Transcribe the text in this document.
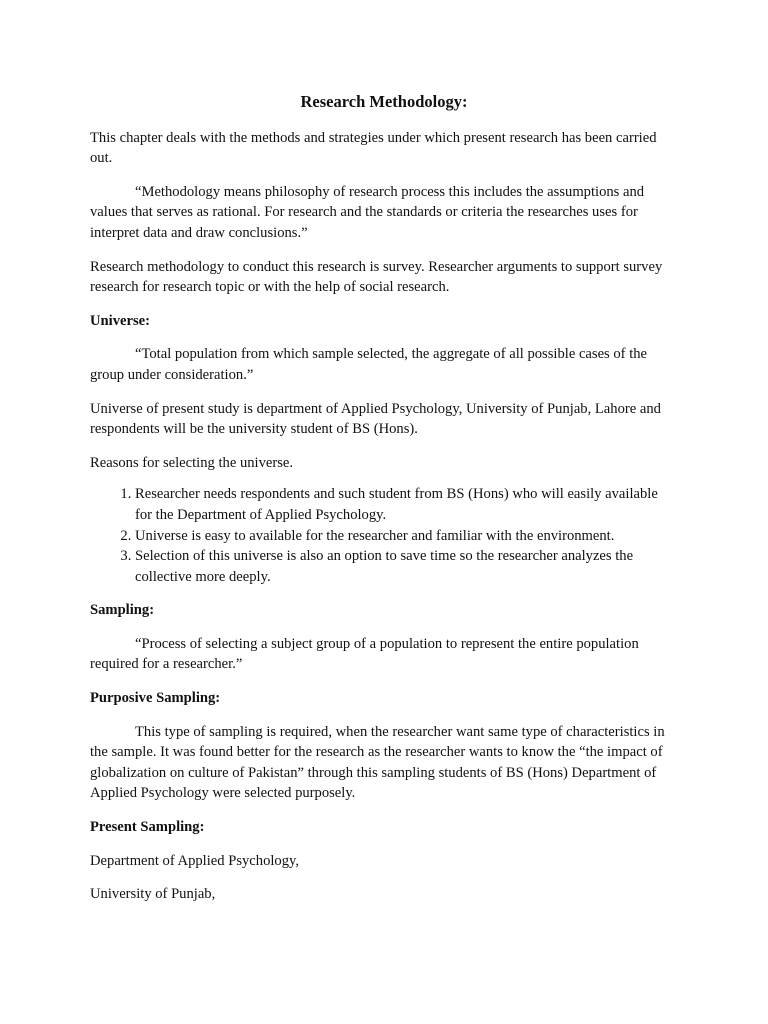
Research Methodology:

This chapter deals with the methods and strategies under which present research has been carried out.

“Methodology means philosophy of research process this includes the assumptions and values that serves as rational. For research and the standards or criteria the researches uses for interpret data and draw conclusions.”

Research methodology to conduct this research is survey. Researcher arguments to support survey research for research topic or with the help of social research.

Universe:

“Total population from which sample selected, the aggregate of all possible cases of the group under consideration.”

Universe of present study is department of Applied Psychology, University of Punjab, Lahore and respondents will be the university student of BS (Hons).

Reasons for selecting the universe.

1. Researcher needs respondents and such student from BS (Hons) who will easily available for the Department of Applied Psychology.
2. Universe is easy to available for the researcher and familiar with the environment.
3. Selection of this universe is also an option to save time so the researcher analyzes the collective more deeply.
Sampling:

“Process of selecting a subject group of a population to represent the entire population required for a researcher.”

Purposive Sampling:

This type of sampling is required, when the researcher want same type of characteristics in the sample. It was found better for the research as the researcher wants to know the “the impact of globalization on culture of Pakistan” through this sampling students of BS (Hons) Department of Applied Psychology were selected purposely.

Present Sampling:

Department of Applied Psychology,

University of Punjab,
